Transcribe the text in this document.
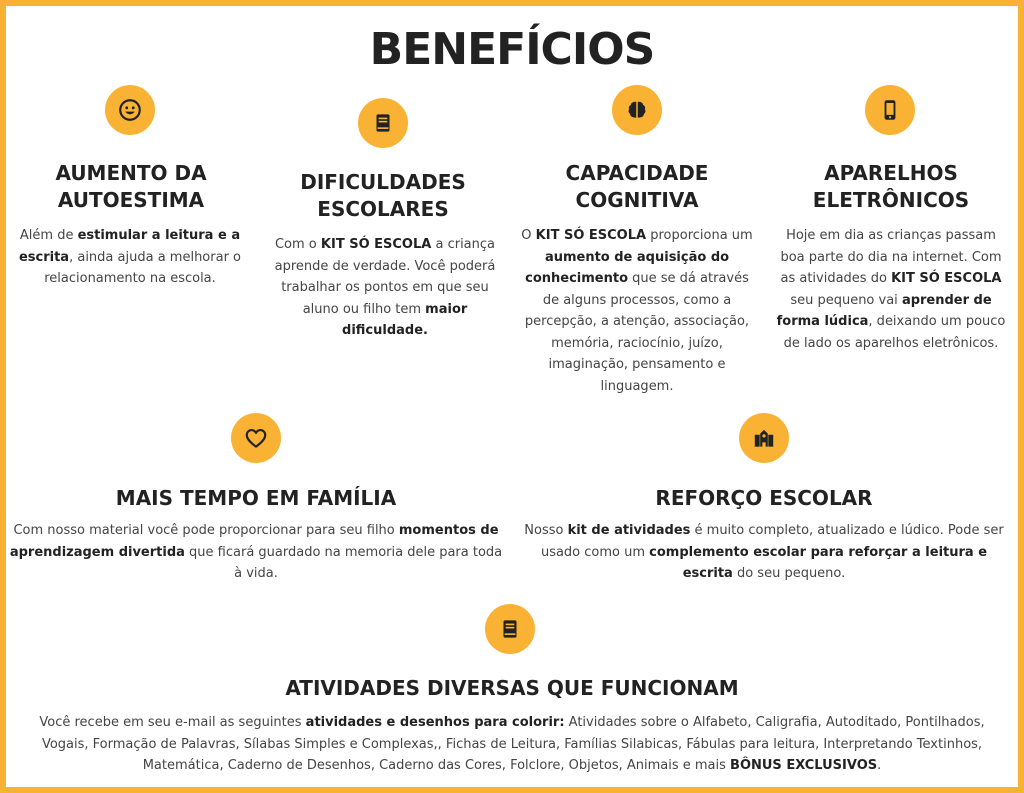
BENEFÍCIOS
AUMENTO DA
AUTOESTIMA
Além de estimular a leitura e a escrita, ainda ajuda a melhorar o relacionamento na escola.
DIFICULDADES
ESCOLARES
Com o KIT SÓ ESCOLA a criança aprende de verdade. Você poderá trabalhar os pontos em que seu aluno ou filho tem maior dificuldade.
CAPACIDADE
COGNITIVA
O KIT SÓ ESCOLA proporciona um aumento de aquisição do conhecimento que se dá através de alguns processos, como a percepção, a atenção, associação, memória, raciocínio, juízo, imaginação, pensamento e linguagem.
APARELHOS
ELETRÔNICOS
Hoje em dia as crianças passam boa parte do dia na internet. Com as atividades do KIT SÓ ESCOLA seu pequeno vai aprender de forma lúdica, deixando um pouco de lado os aparelhos eletrônicos.
MAIS TEMPO EM FAMÍLIA
Com nosso material você pode proporcionar para seu filho momentos de aprendizagem divertida que ficará guardado na memoria dele para toda à vida.
REFORÇO ESCOLAR
Nosso kit de atividades é muito completo, atualizado e lúdico. Pode ser usado como um complemento escolar para reforçar a leitura e escrita do seu pequeno.
ATIVIDADES DIVERSAS QUE FUNCIONAM
Você recebe em seu e-mail as seguintes atividades e desenhos para colorir: Atividades sobre o Alfabeto, Caligrafia, Autoditado, Pontilhados, Vogais, Formação de Palavras, Sílabas Simples e Complexas,, Fichas de Leitura, Famílias Silabicas, Fábulas para leitura, Interpretando Textinhos, Matemática, Caderno de Desenhos, Caderno das Cores, Folclore, Objetos, Animais e mais BÔNUS EXCLUSIVOS.
